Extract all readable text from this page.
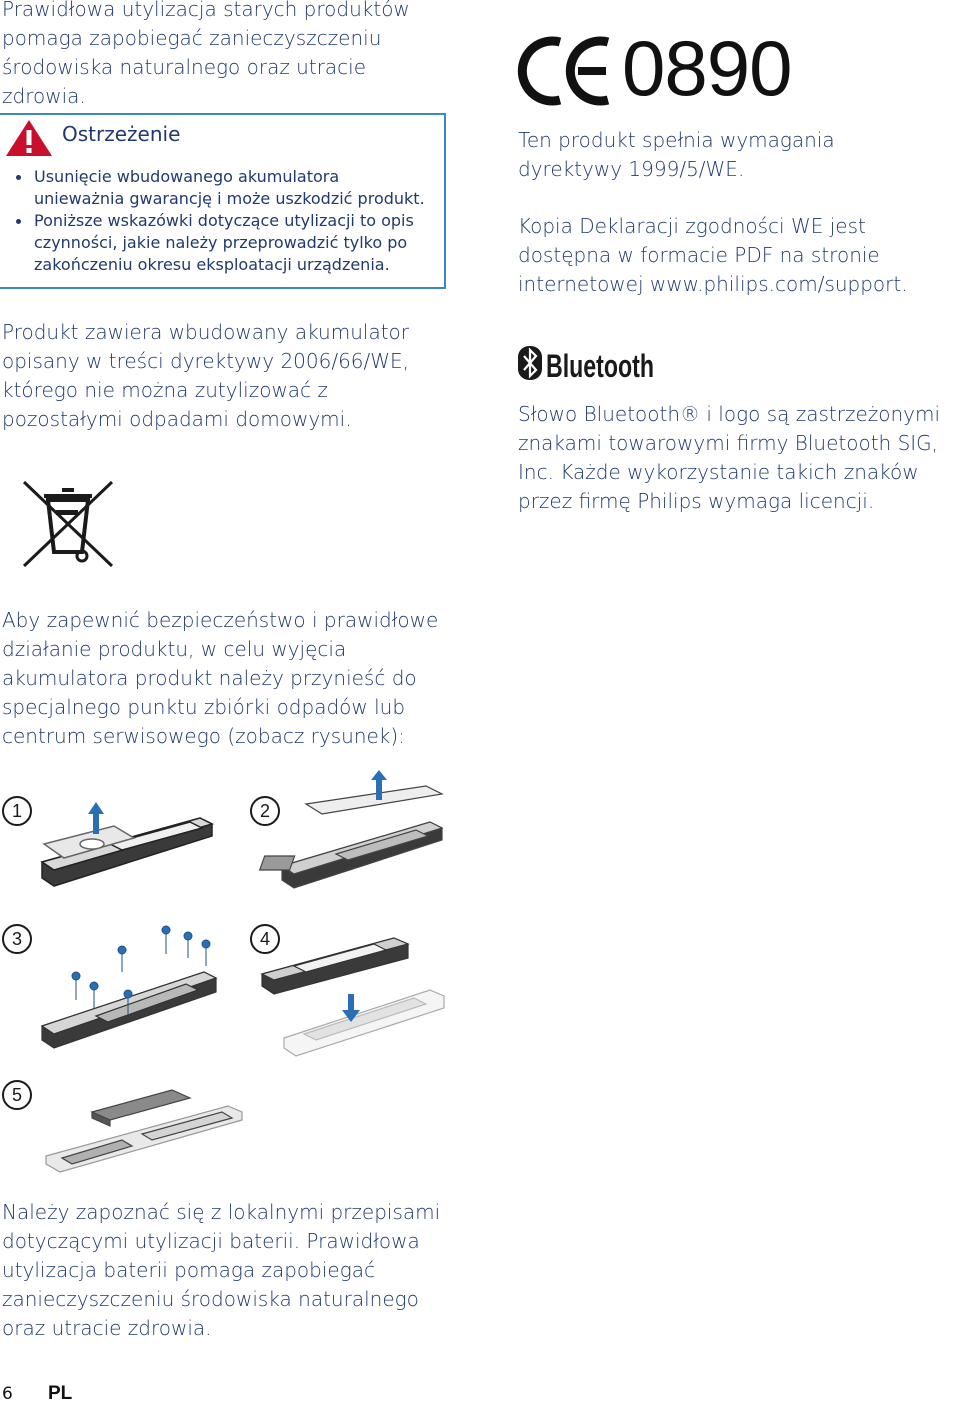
Prawidłowa utylizacja starych produktów pomaga zapobiegać zanieczyszczeniu środowiska naturalnego oraz utracie zdrowia.

Ostrzeżenie
Usunięcie wbudowanego akumulatora unieważnia gwarancję i może uszkodzić produkt.
Poniższe wskazówki dotyczące utylizacji to opis czynności, jakie należy przeprowadzić tylko po zakończeniu okresu eksploatacji urządzenia.

Produkt zawiera wbudowany akumulator opisany w treści dyrektywy 2006/66/WE, którego nie można zutylizować z pozostałymi odpadami domowymi.

0890

Ten produkt spełnia wymagania dyrektywy 1999/5/WE.

Kopia Deklaracji zgodności WE jest dostępna w formacie PDF na stronie internetowej www.philips.com/support.

Bluetooth

Słowo Bluetooth® i logo są zastrzeżonymi znakami towarowymi firmy Bluetooth SIG, Inc. Każde wykorzystanie takich znaków przez firmę Philips wymaga licencji.

Aby zapewnić bezpieczeństwo i prawidłowe działanie produktu, w celu wyjęcia akumulatora produkt należy przynieść do specjalnego punktu zbiórki odpadów lub centrum serwisowego (zobacz rysunek):

1	2
3	4
5

Należy zapoznać się z lokalnymi przepisami dotyczącymi utylizacji baterii. Prawidłowa utylizacja baterii pomaga zapobiegać zanieczyszczeniu środowiska naturalnego oraz utracie zdrowia.

6 PL
